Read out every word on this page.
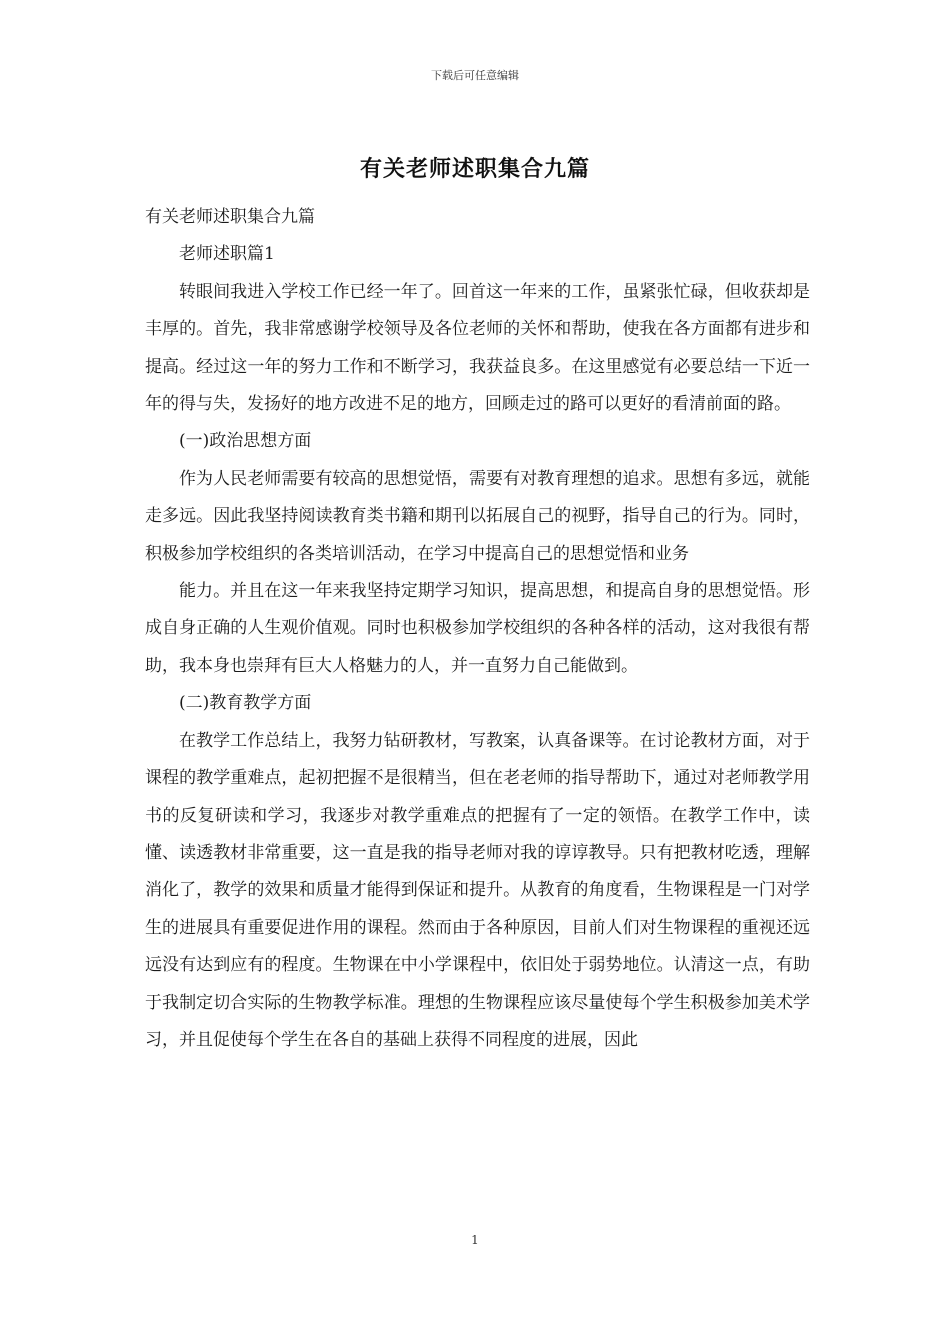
下载后可任意编辑
有关老师述职集合九篇

有关老师述职集合九篇

老师述职篇1

转眼间我进入学校工作已经一年了。回首这一年来的工作，虽紧张忙碌，但收获却是丰厚的。首先，我非常感谢学校领导及各位老师的关怀和帮助，使我在各方面都有进步和提高。经过这一年的努力工作和不断学习，我获益良多。在这里感觉有必要总结一下近一年的得与失，发扬好的地方改进不足的地方，回顾走过的路可以更好的看清前面的路。

(一)政治思想方面

作为人民老师需要有较高的思想觉悟，需要有对教育理想的追求。思想有多远，就能走多远。因此我坚持阅读教育类书籍和期刊以拓展自己的视野，指导自己的行为。同时，积极参加学校组织的各类培训活动，在学习中提高自己的思想觉悟和业务

能力。并且在这一年来我坚持定期学习知识，提高思想，和提高自身的思想觉悟。形成自身正确的人生观价值观。同时也积极参加学校组织的各种各样的活动，这对我很有帮助，我本身也崇拜有巨大人格魅力的人，并一直努力自己能做到。

(二)教育教学方面

在教学工作总结上，我努力钻研教材，写教案，认真备课等。在讨论教材方面，对于课程的教学重难点，起初把握不是很精当，但在老老师的指导帮助下，通过对老师教学用书的反复研读和学习，我逐步对教学重难点的把握有了一定的领悟。在教学工作中，读懂、读透教材非常重要，这一直是我的指导老师对我的谆谆教导。只有把教材吃透，理解消化了，教学的效果和质量才能得到保证和提升。从教育的角度看，生物课程是一门对学生的进展具有重要促进作用的课程。然而由于各种原因，目前人们对生物课程的重视还远远没有达到应有的程度。生物课在中小学课程中，依旧处于弱势地位。认清这一点，有助于我制定切合实际的生物教学标准。理想的生物课程应该尽量使每个学生积极参加美术学习，并且促使每个学生在各自的基础上获得不同程度的进展，因此

1
